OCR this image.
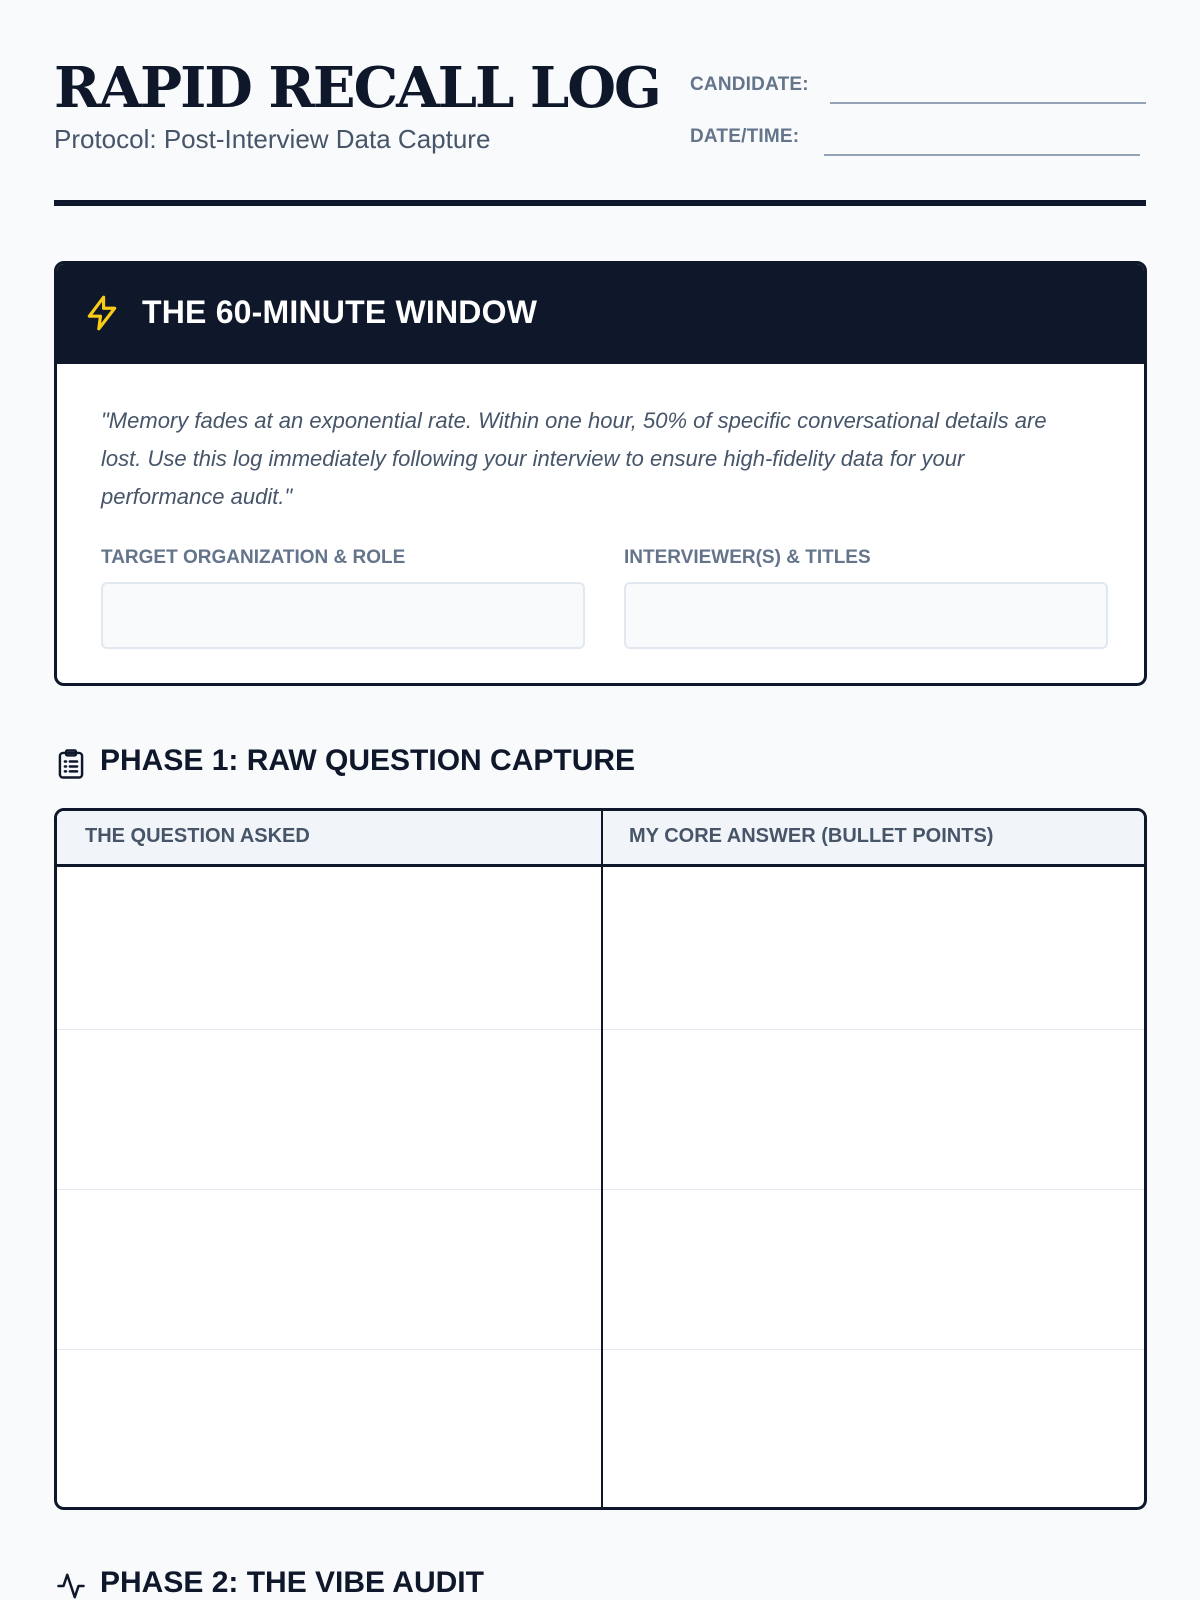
RAPID RECALL LOG
Protocol: Post-Interview Data Capture
CANDIDATE:
DATE/TIME:
THE 60-MINUTE WINDOW
"Memory fades at an exponential rate. Within one hour, 50% of specific conversational details are lost. Use this log immediately following your interview to ensure high-fidelity data for your performance audit."
TARGET ORGANIZATION & ROLE	INTERVIEWER(S) & TITLES
PHASE 1: RAW QUESTION CAPTURE
THE QUESTION ASKED	MY CORE ANSWER (BULLET POINTS)
PHASE 2: THE VIBE AUDIT
